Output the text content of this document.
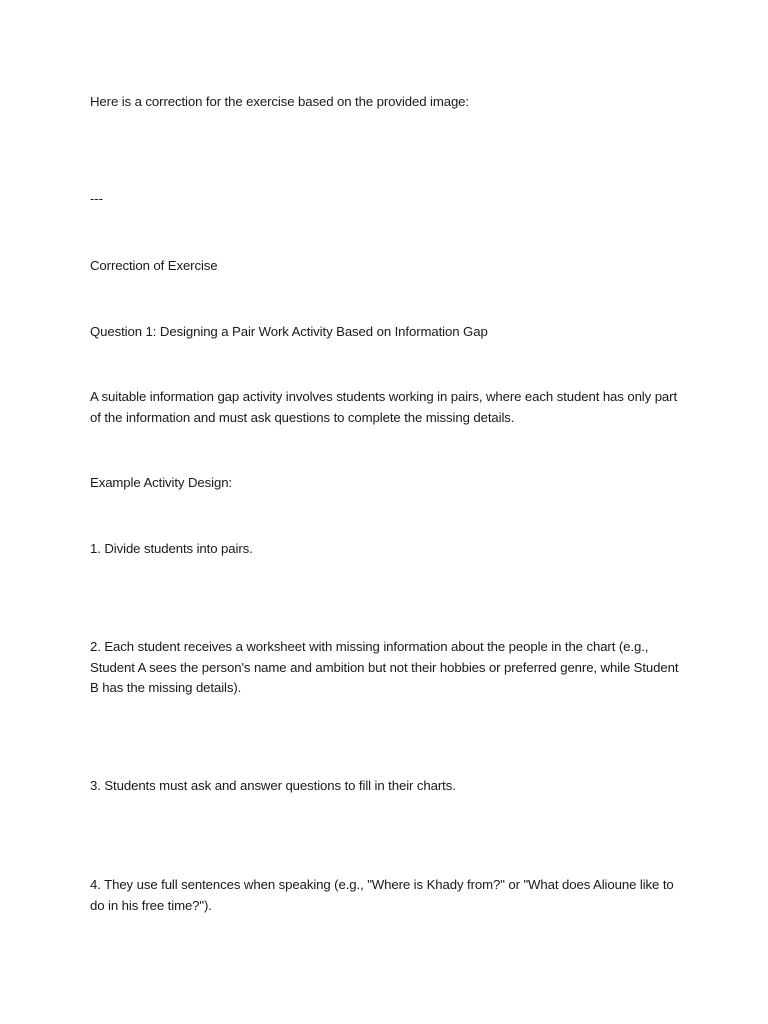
Here is a correction for the exercise based on the provided image:

---

Correction of Exercise

Question 1: Designing a Pair Work Activity Based on Information Gap

A suitable information gap activity involves students working in pairs, where each student has only part of the information and must ask questions to complete the missing details.

Example Activity Design:

1. Divide students into pairs.

2. Each student receives a worksheet with missing information about the people in the chart (e.g., Student A sees the person's name and ambition but not their hobbies or preferred genre, while Student B has the missing details).

3. Students must ask and answer questions to fill in their charts.

4. They use full sentences when speaking (e.g., "Where is Khady from?" or "What does Alioune like to do in his free time?").
